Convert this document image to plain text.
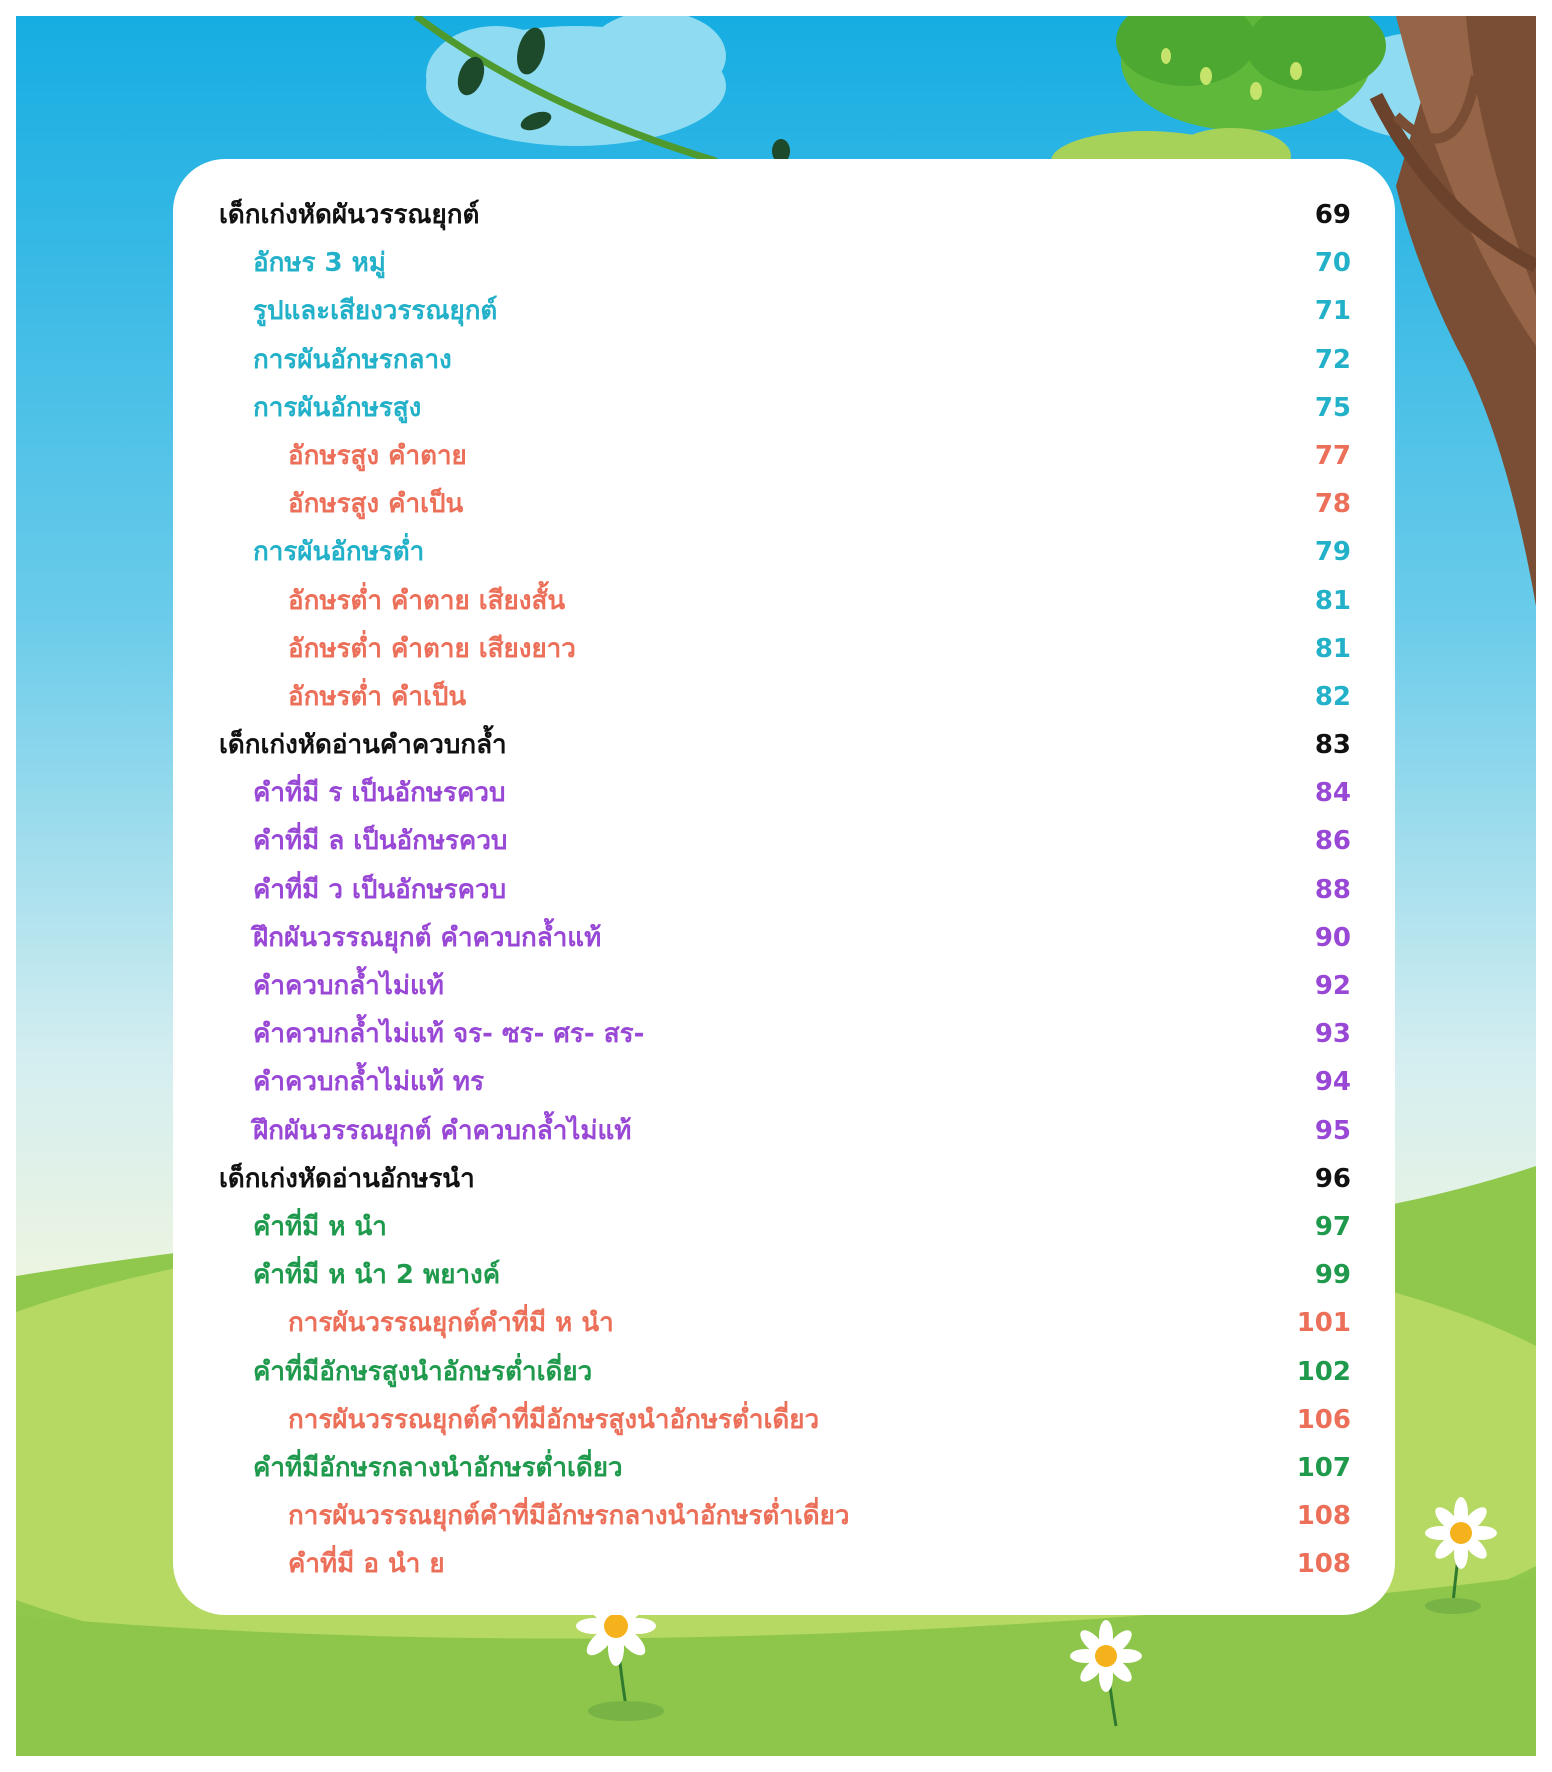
เด็กเก่งหัดผันวรรณยุกต์	69
อักษร 3 หมู่	70
รูปและเสียงวรรณยุกต์	71
การผันอักษรกลาง	72
การผันอักษรสูง	75
อักษรสูง คำตาย	77
อักษรสูง คำเป็น	78
การผันอักษรต่ำ	79
อักษรต่ำ คำตาย เสียงสั้น	81
อักษรต่ำ คำตาย เสียงยาว	81
อักษรต่ำ คำเป็น	82
เด็กเก่งหัดอ่านคำควบกล้ำ	83
คำที่มี ร เป็นอักษรควบ	84
คำที่มี ล เป็นอักษรควบ	86
คำที่มี ว เป็นอักษรควบ	88
ฝึกผันวรรณยุกต์ คำควบกล้ำแท้	90
คำควบกล้ำไม่แท้	92
คำควบกล้ำไม่แท้ จร- ซร- ศร- สร-	93
คำควบกล้ำไม่แท้ ทร	94
ฝึกผันวรรณยุกต์ คำควบกล้ำไม่แท้	95
เด็กเก่งหัดอ่านอักษรนำ	96
คำที่มี ห นำ	97
คำที่มี ห นำ 2 พยางค์	99
การผันวรรณยุกต์คำที่มี ห นำ	101
คำที่มีอักษรสูงนำอักษรต่ำเดี่ยว	102
การผันวรรณยุกต์คำที่มีอักษรสูงนำอักษรต่ำเดี่ยว	106
คำที่มีอักษรกลางนำอักษรต่ำเดี่ยว	107
การผันวรรณยุกต์คำที่มีอักษรกลางนำอักษรต่ำเดี่ยว	108
คำที่มี อ นำ ย	108
